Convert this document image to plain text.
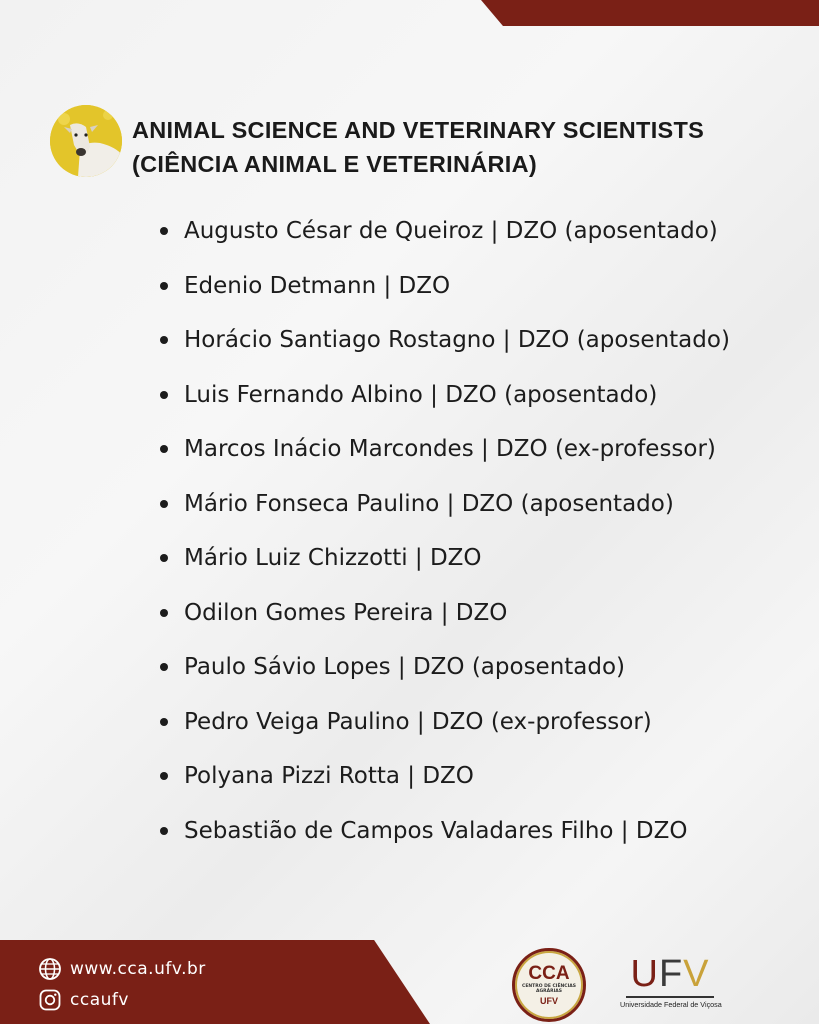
ANIMAL SCIENCE AND VETERINARY SCIENTISTS
(CIÊNCIA ANIMAL E VETERINÁRIA)
Augusto César de Queiroz | DZO (aposentado)
Edenio Detmann | DZO
Horácio Santiago Rostagno | DZO (aposentado)
Luis Fernando Albino | DZO (aposentado)
Marcos Inácio Marcondes | DZO (ex-professor)
Mário Fonseca Paulino | DZO (aposentado)
Mário Luiz Chizzotti | DZO
Odilon Gomes Pereira | DZO
Paulo Sávio Lopes | DZO (aposentado)
Pedro Veiga Paulino | DZO (ex-professor)
Polyana Pizzi Rotta | DZO
Sebastião de Campos Valadares Filho | DZO
www.cca.ufv.br
ccaufv
CCA
CENTRO DE CIÊNCIAS AGRÁRIAS
UFV
UFV
Universidade Federal de Viçosa
